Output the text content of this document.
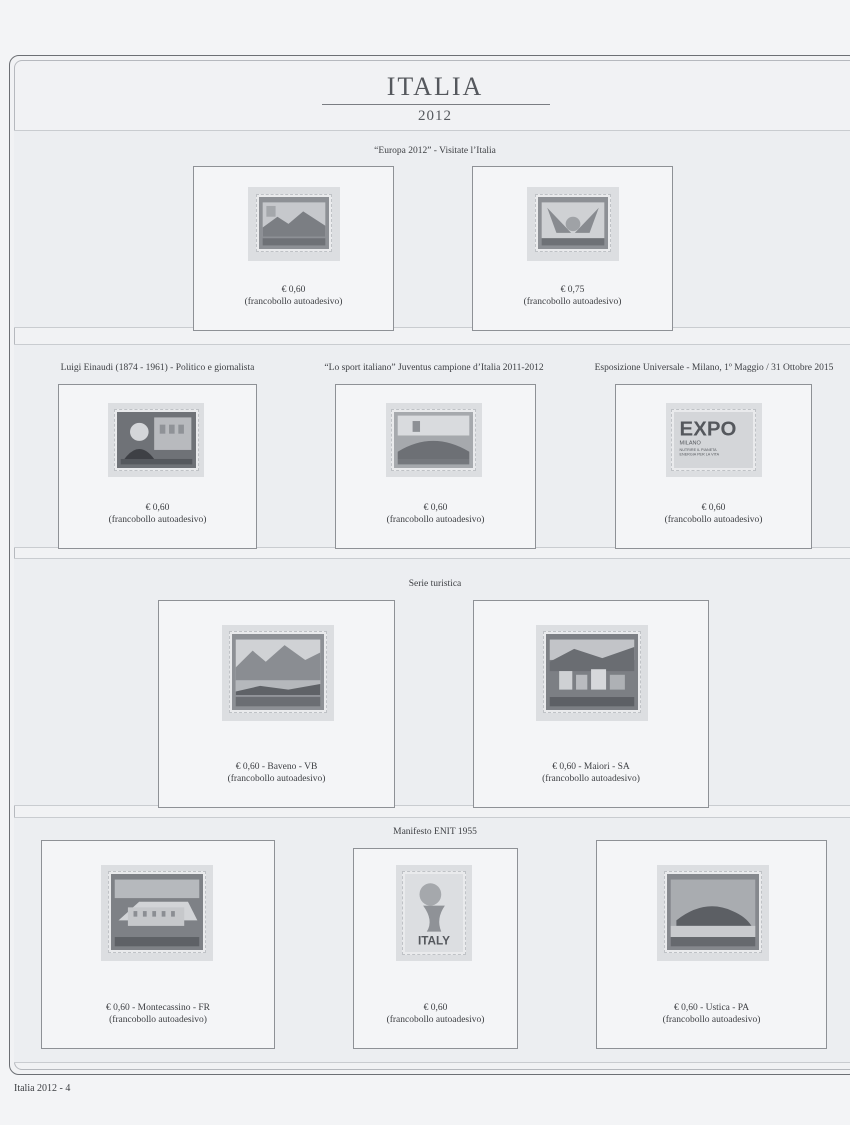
ITALIA
2012
“Europa 2012” - Visitate l’Italia
€ 0,60
(francobollo autoadesivo)
€ 0,75
(francobollo autoadesivo)
Luigi Einaudi (1874 - 1961) - Politico e giornalista	“Lo sport italiano” Juventus campione d’Italia 2011-2012	Esposizione Universale - Milano, 1º Maggio / 31 Ottobre 2015
€ 0,60
(francobollo autoadesivo)
€ 0,60
(francobollo autoadesivo)
EXPO
MILANO
NUTRIRE IL PIANETA
ENERGIA PER LA VITA
€ 0,60
(francobollo autoadesivo)
Serie turistica
€ 0,60 - Baveno - VB
(francobollo autoadesivo)
€ 0,60 - Maiori - SA
(francobollo autoadesivo)
Manifesto ENIT 1955
€ 0,60 - Montecassino - FR
(francobollo autoadesivo)
ITALY
€ 0,60
(francobollo autoadesivo)
€ 0,60 - Ustica - PA
(francobollo autoadesivo)
Italia 2012 - 4
